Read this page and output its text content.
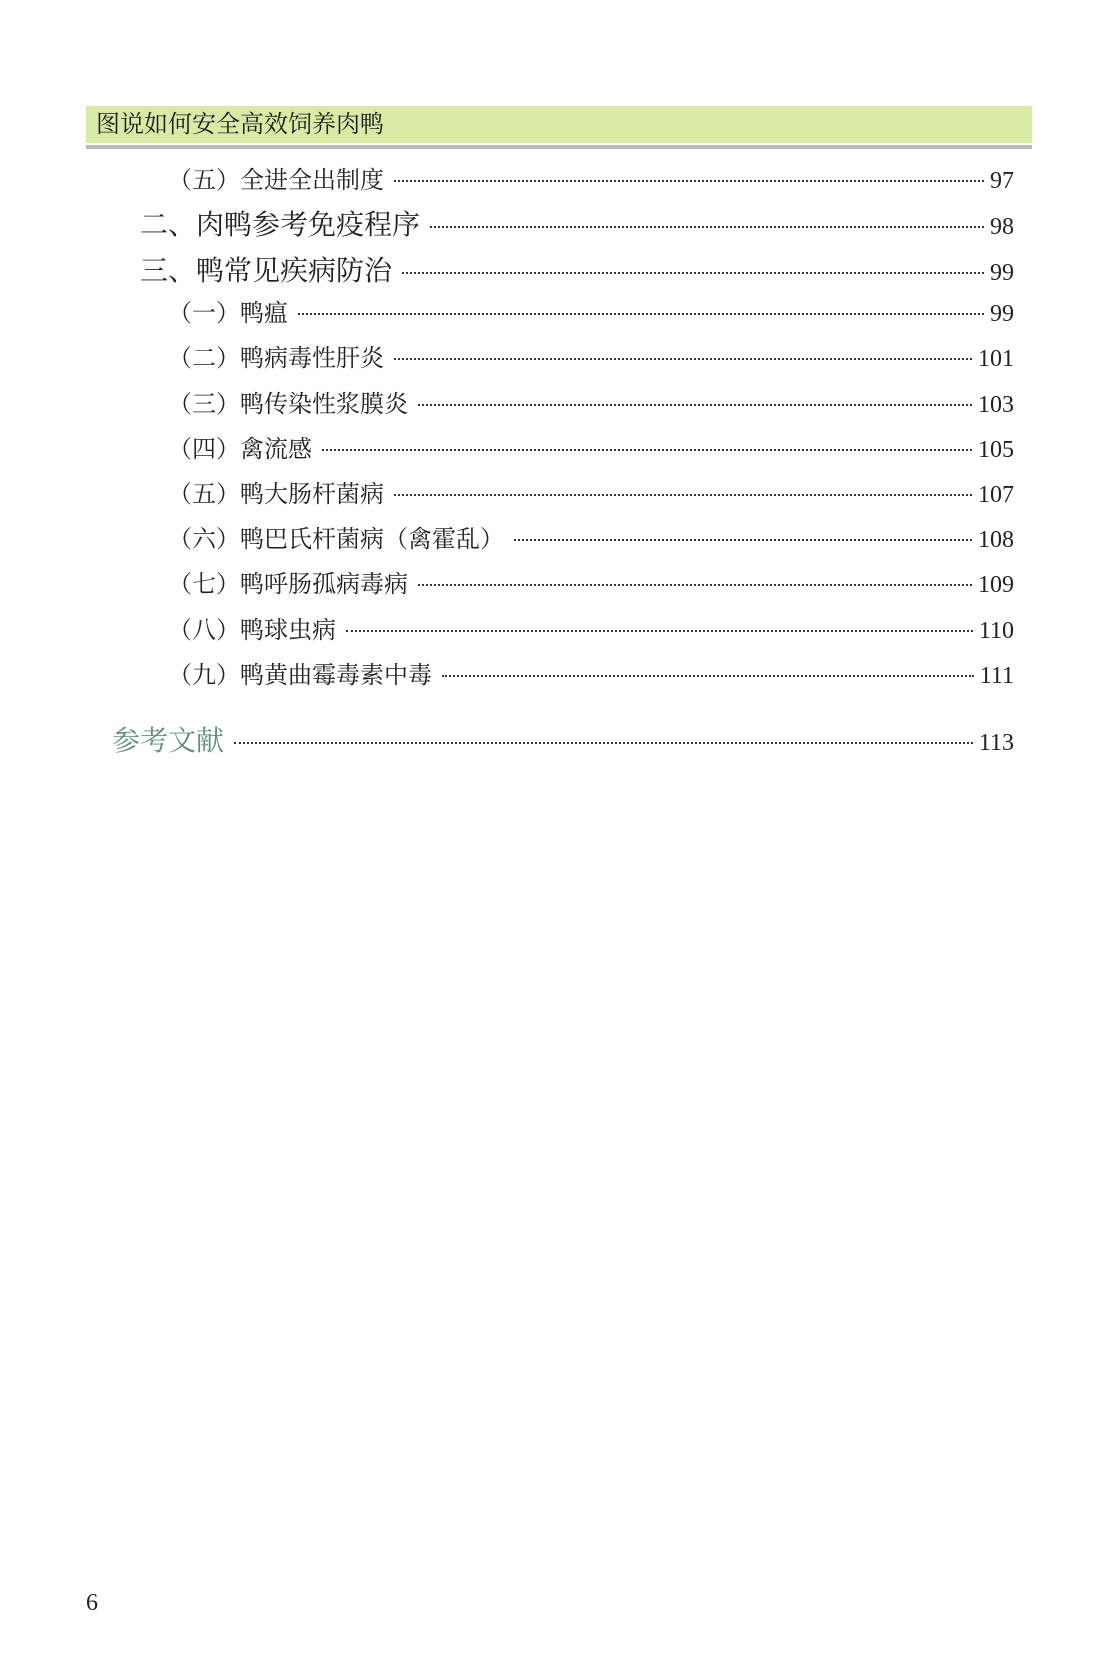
图说如何安全高效饲养肉鸭
（五）全进全出制度	97
二、肉鸭参考免疫程序	98
三、鸭常见疾病防治	99
（一）鸭瘟	99
（二）鸭病毒性肝炎	101
（三）鸭传染性浆膜炎	103
（四）禽流感	105
（五）鸭大肠杆菌病	107
（六）鸭巴氏杆菌病（禽霍乱）	108
（七）鸭呼肠孤病毒病	109
（八）鸭球虫病	110
（九）鸭黄曲霉毒素中毒	111
参考文献	113
6
